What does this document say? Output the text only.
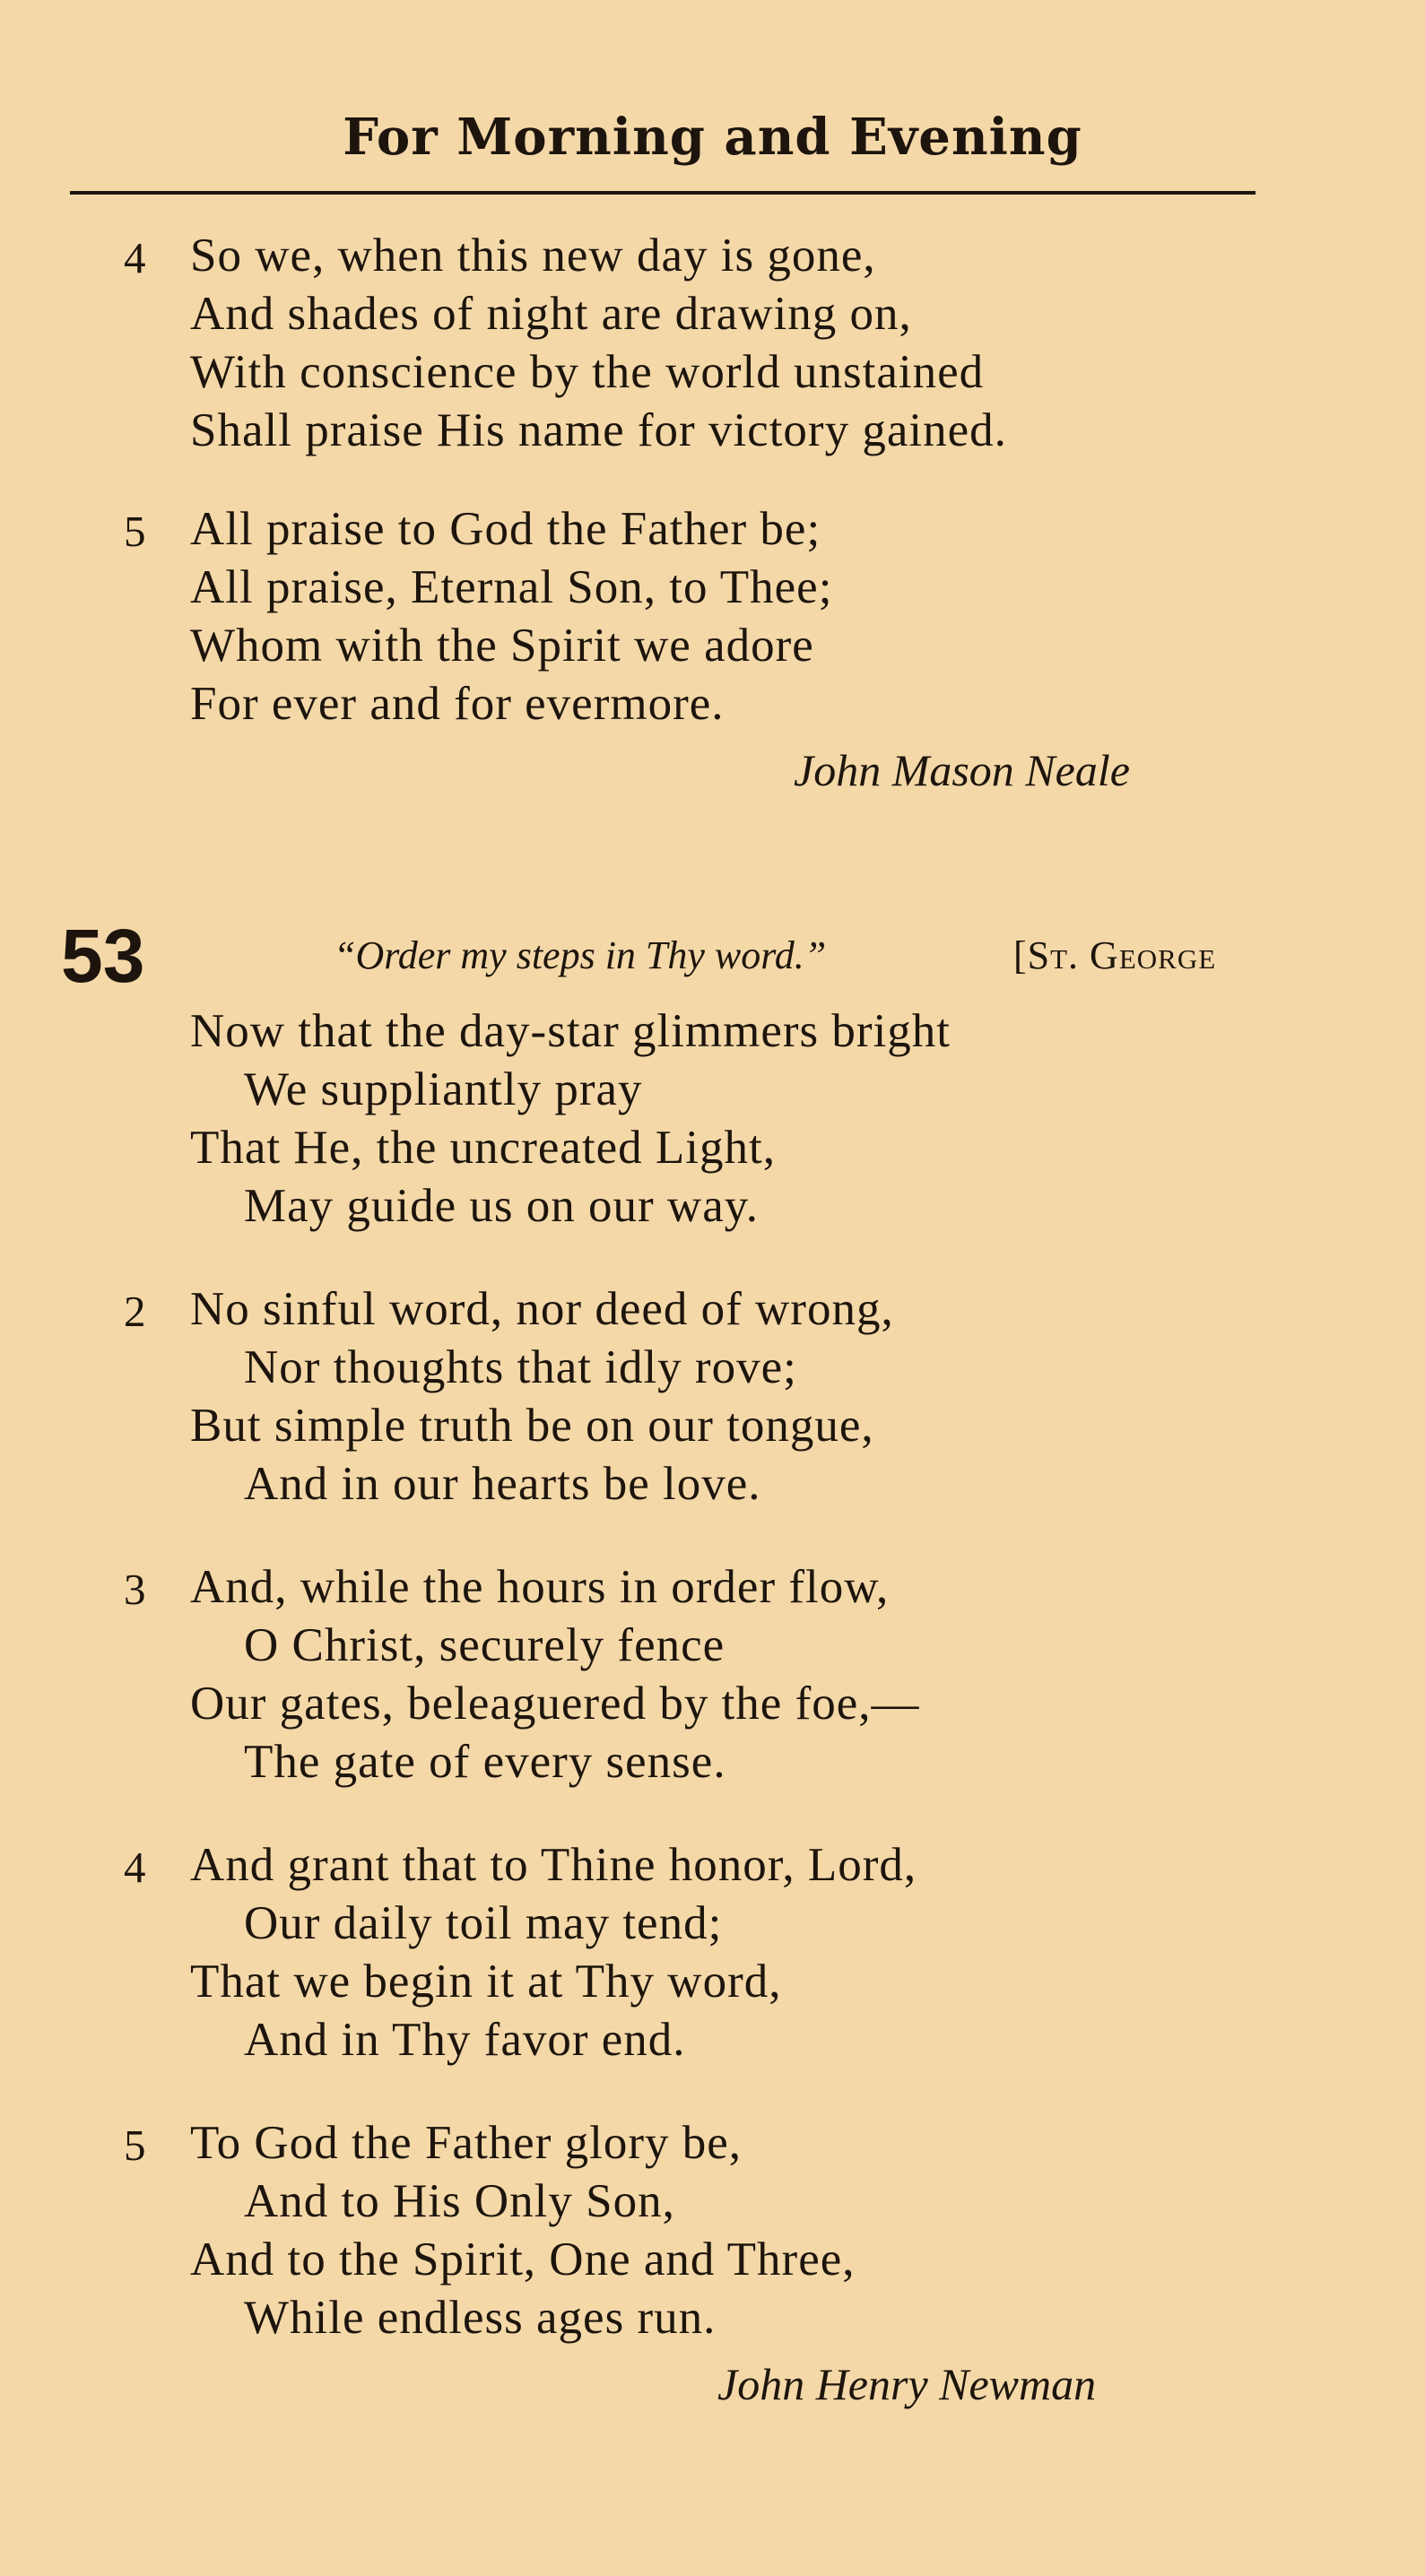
For Morning and Evening
4 So we, when this new day is gone,
And shades of night are drawing on,
With conscience by the world unstained
Shall praise His name for victory gained.
5 All praise to God the Father be;
All praise, Eternal Son, to Thee;
Whom with the Spirit we adore
For ever and for evermore.
John Mason Neale
53	“Order my steps in Thy word.”	[St. George
Now that the day-star glimmers bright
We suppliantly pray
That He, the uncreated Light,
May guide us on our way.
2 No sinful word, nor deed of wrong,
Nor thoughts that idly rove;
But simple truth be on our tongue,
And in our hearts be love.
3 And, while the hours in order flow,
O Christ, securely fence
Our gates, beleaguered by the foe,—
The gate of every sense.
4 And grant that to Thine honor, Lord,
Our daily toil may tend;
That we begin it at Thy word,
And in Thy favor end.
5 To God the Father glory be,
And to His Only Son,
And to the Spirit, One and Three,
While endless ages run.
John Henry Newman
